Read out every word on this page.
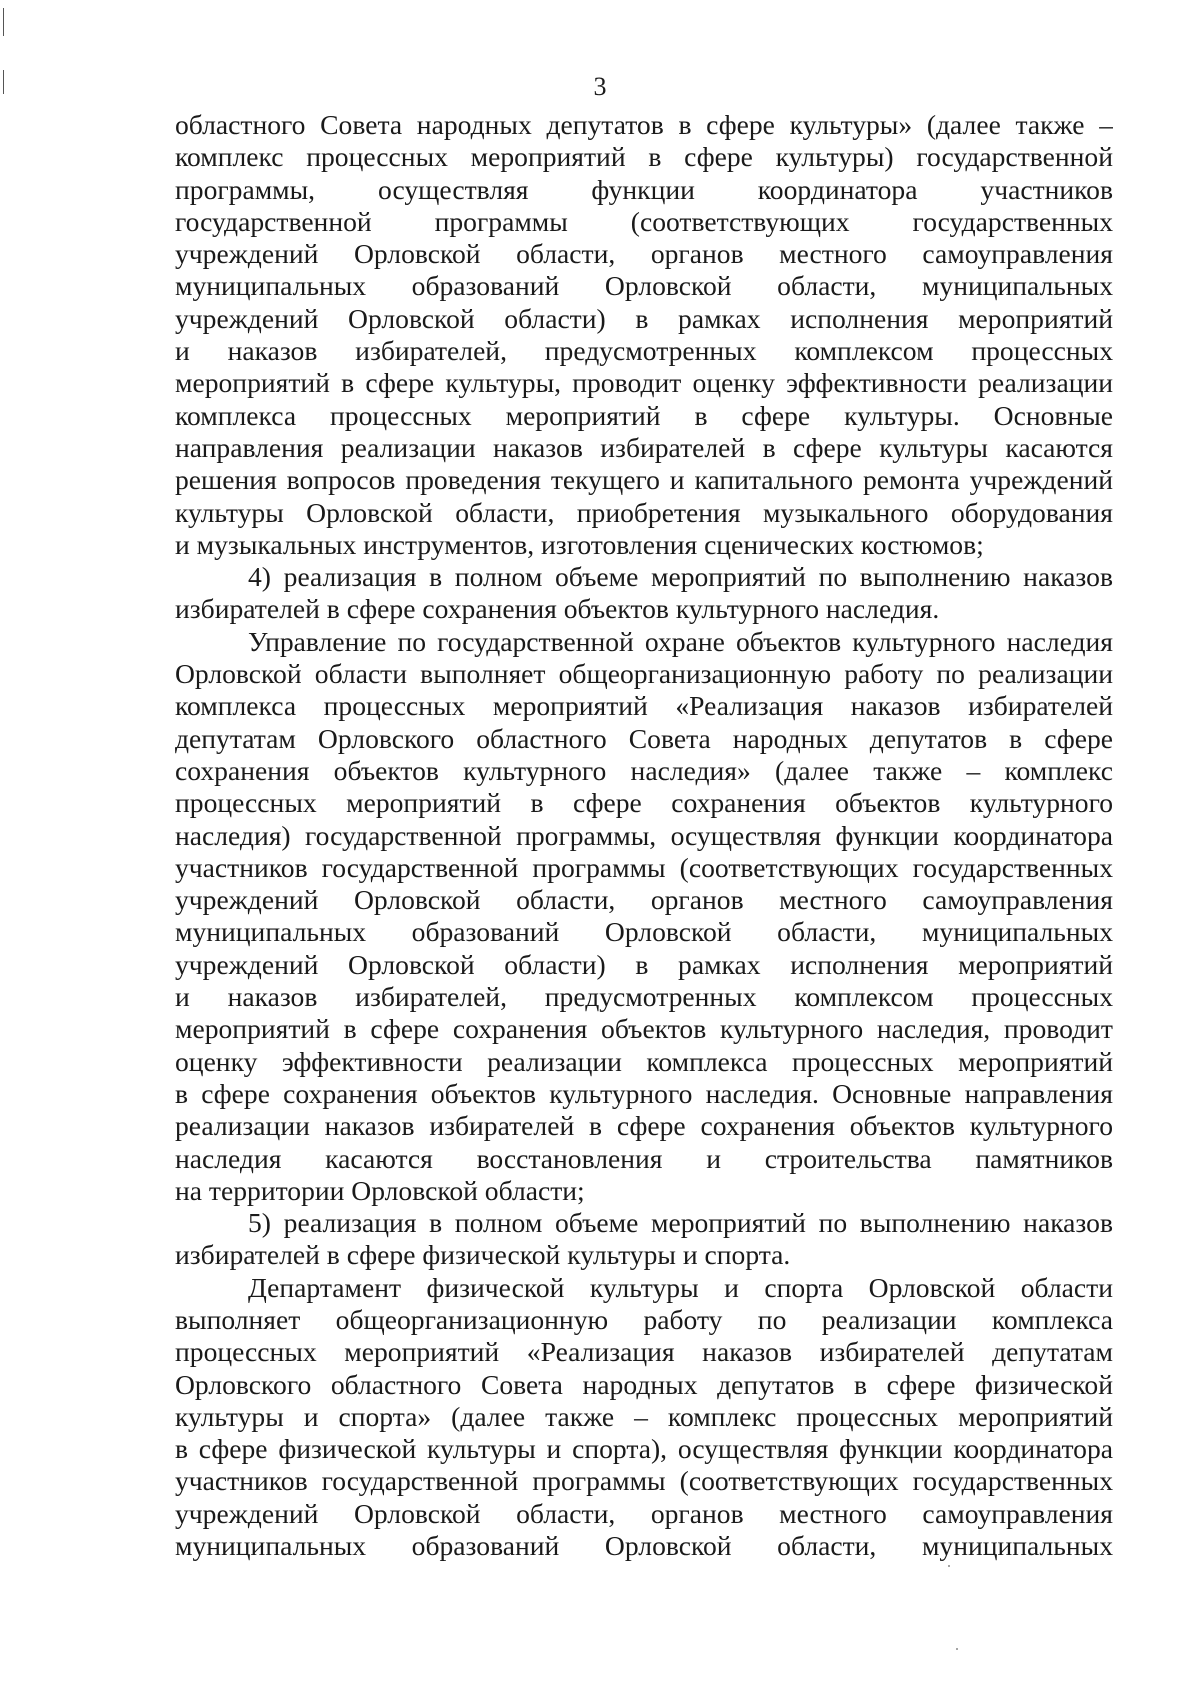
3
областного Совета народных депутатов в сфере культуры» (далее также –
комплекс процессных мероприятий в сфере культуры) государственной
программы, осуществляя функции координатора участников
государственной программы (соответствующих государственных
учреждений Орловской области, органов местного самоуправления
муниципальных образований Орловской области, муниципальных
учреждений Орловской области) в рамках исполнения мероприятий
и наказов избирателей, предусмотренных комплексом процессных
мероприятий в сфере культуры, проводит оценку эффективности реализации
комплекса процессных мероприятий в сфере культуры. Основные
направления реализации наказов избирателей в сфере культуры касаются
решения вопросов проведения текущего и капитального ремонта учреждений
культуры Орловской области, приобретения музыкального оборудования
и музыкальных инструментов, изготовления сценических костюмов;
4) реализация в полном объеме мероприятий по выполнению наказов
избирателей в сфере сохранения объектов культурного наследия.
Управление по государственной охране объектов культурного наследия
Орловской области выполняет общеорганизационную работу по реализации
комплекса процессных мероприятий «Реализация наказов избирателей
депутатам Орловского областного Совета народных депутатов в сфере
сохранения объектов культурного наследия» (далее также – комплекс
процессных мероприятий в сфере сохранения объектов культурного
наследия) государственной программы, осуществляя функции координатора
участников государственной программы (соответствующих государственных
учреждений Орловской области, органов местного самоуправления
муниципальных образований Орловской области, муниципальных
учреждений Орловской области) в рамках исполнения мероприятий
и наказов избирателей, предусмотренных комплексом процессных
мероприятий в сфере сохранения объектов культурного наследия, проводит
оценку эффективности реализации комплекса процессных мероприятий
в сфере сохранения объектов культурного наследия. Основные направления
реализации наказов избирателей в сфере сохранения объектов культурного
наследия касаются восстановления и строительства памятников
на территории Орловской области;
5) реализация в полном объеме мероприятий по выполнению наказов
избирателей в сфере физической культуры и спорта.
Департамент физической культуры и спорта Орловской области
выполняет общеорганизационную работу по реализации комплекса
процессных мероприятий «Реализация наказов избирателей депутатам
Орловского областного Совета народных депутатов в сфере физической
культуры и спорта» (далее также – комплекс процессных мероприятий
в сфере физической культуры и спорта), осуществляя функции координатора
участников государственной программы (соответствующих государственных
учреждений Орловской области, органов местного самоуправления
муниципальных образований Орловской области, муниципальных
